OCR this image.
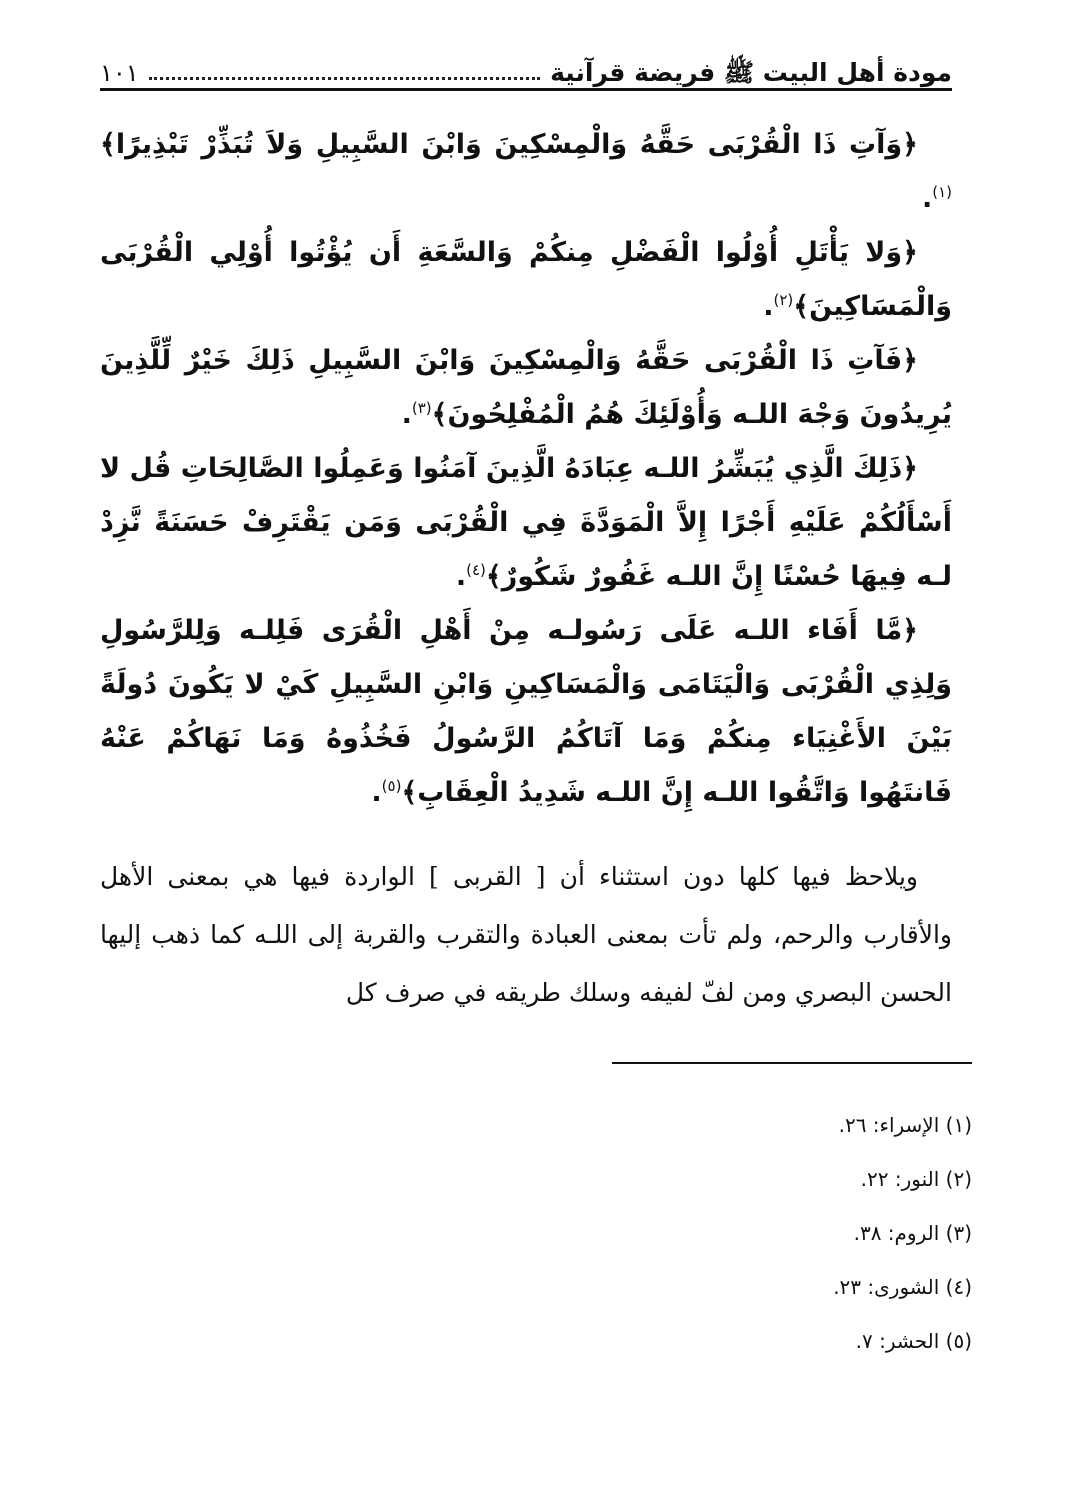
مودة أهل البيت ﷺ فريضة قرآنية
١٠١

﴿وَآتِ ذَا الْقُرْبَى حَقَّهُ وَالْمِسْكِينَ وَابْنَ السَّبِيلِ وَلاَ تُبَذِّرْ تَبْذِيرًا﴾$^{(١)}$.

﴿وَلا يَأْتَلِ أُوْلُوا الْفَضْلِ مِنكُمْ وَالسَّعَةِ أَن يُؤْتُوا أُوْلِي الْقُرْبَى وَالْمَسَاكِينَ﴾$^{(٢)}$.

﴿فَآتِ ذَا الْقُرْبَى حَقَّهُ وَالْمِسْكِينَ وَابْنَ السَّبِيلِ ذَلِكَ خَيْرٌ لِّلَّذِينَ يُرِيدُونَ وَجْهَ اللـه وَأُوْلَئِكَ هُمُ الْمُفْلِحُونَ﴾$^{(٣)}$.

﴿ذَلِكَ الَّذِي يُبَشِّرُ اللـه عِبَادَهُ الَّذِينَ آمَنُوا وَعَمِلُوا الصَّالِحَاتِ قُل لا أَسْأَلُكُمْ عَلَيْهِ أَجْرًا إِلاَّ الْمَوَدَّةَ فِي الْقُرْبَى وَمَن يَقْتَرِفْ حَسَنَةً نَّزِدْ لـه فِيهَا حُسْنًا إِنَّ اللـه غَفُورٌ شَكُورٌ﴾$^{(٤)}$.

﴿مَّا أَفَاء اللـه عَلَى رَسُولـه مِنْ أَهْلِ الْقُرَى فَلِلـه وَلِلرَّسُولِ وَلِذِي الْقُرْبَى وَالْيَتَامَى وَالْمَسَاكِينِ وَابْنِ السَّبِيلِ كَيْ لا يَكُونَ دُولَةً بَيْنَ الأَغْنِيَاء مِنكُمْ وَمَا آتَاكُمُ الرَّسُولُ فَخُذُوهُ وَمَا نَهَاكُمْ عَنْهُ فَانتَهُوا وَاتَّقُوا اللـه إِنَّ اللـه شَدِيدُ الْعِقَابِ﴾$^{(٥)}$.

ويلاحظ فيها كلها دون استثناء أن [ القربى ] الواردة فيها هي بمعنى الأهل والأقارب والرحم، ولم تأت بمعنى العبادة والتقرب والقربة إلى اللـه كما ذهب إليها الحسن البصري ومن لفّ لفيفه وسلك طريقه في صرف كل

(١) الإسراء: ٢٦.
(٢) النور: ٢٢.
(٣) الروم: ٣٨.
(٤) الشورى: ٢٣.
(٥) الحشر: ٧.
